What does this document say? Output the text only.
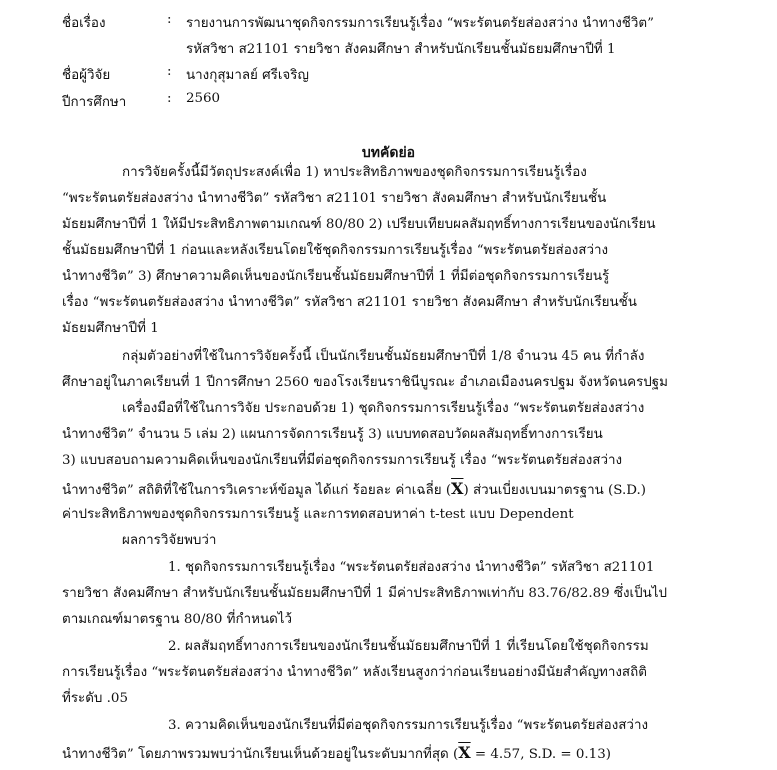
ชื่อเรื่อง	: รายงานการพัฒนาชุดกิจกรรมการเรียนรู้เรื่อง “พระรัตนตรัยส่องสว่าง นำทางชีวิต”
รหัสวิชา ส21101 รายวิชา สังคมศึกษา สำหรับนักเรียนชั้นมัธยมศึกษาปีที่ 1
ชื่อผู้วิจัย	: นางกุสุมาลย์ ศรีเจริญ
ปีการศึกษา	: 2560
บทคัดย่อ
การวิจัยครั้งนี้มีวัตถุประสงค์เพื่อ 1) หาประสิทธิภาพของชุดกิจกรรมการเรียนรู้เรื่อง
“พระรัตนตรัยส่องสว่าง นำทางชีวิต” รหัสวิชา ส21101 รายวิชา สังคมศึกษา สำหรับนักเรียนชั้น
มัธยมศึกษาปีที่ 1 ให้มีประสิทธิภาพตามเกณฑ์ 80/80 2) เปรียบเทียบผลสัมฤทธิ์ทางการเรียนของนักเรียน
ชั้นมัธยมศึกษาปีที่ 1 ก่อนและหลังเรียนโดยใช้ชุดกิจกรรมการเรียนรู้เรื่อง “พระรัตนตรัยส่องสว่าง
นำทางชีวิต” 3) ศึกษาความคิดเห็นของนักเรียนชั้นมัธยมศึกษาปีที่ 1 ที่มีต่อชุดกิจกรรมการเรียนรู้
เรื่อง “พระรัตนตรัยส่องสว่าง นำทางชีวิต” รหัสวิชา ส21101 รายวิชา สังคมศึกษา สำหรับนักเรียนชั้น
มัธยมศึกษาปีที่ 1
กลุ่มตัวอย่างที่ใช้ในการวิจัยครั้งนี้ เป็นนักเรียนชั้นมัธยมศึกษาปีที่ 1/8 จำนวน 45 คน ที่กำลัง
ศึกษาอยู่ในภาคเรียนที่ 1 ปีการศึกษา 2560 ของโรงเรียนราชินีบูรณะ อำเภอเมืองนครปฐม จังหวัดนครปฐม
เครื่องมือที่ใช้ในการวิจัย ประกอบด้วย 1) ชุดกิจกรรมการเรียนรู้เรื่อง “พระรัตนตรัยส่องสว่าง
นำทางชีวิต” จำนวน 5 เล่ม 2) แผนการจัดการเรียนรู้ 3) แบบทดสอบวัดผลสัมฤทธิ์ทางการเรียน
3) แบบสอบถามความคิดเห็นของนักเรียนที่มีต่อชุดกิจกรรมการเรียนรู้ เรื่อง “พระรัตนตรัยส่องสว่าง
นำทางชีวิต” สถิติที่ใช้ในการวิเคราะห์ข้อมูล ได้แก่ ร้อยละ ค่าเฉลี่ย $(\overline{X})$ ส่วนเบี่ยงเบนมาตรฐาน (S.D.)
ค่าประสิทธิภาพของชุดกิจกรรมการเรียนรู้ และการทดสอบหาค่า t-test แบบ Dependent
ผลการวิจัยพบว่า
1. ชุดกิจกรรมการเรียนรู้เรื่อง “พระรัตนตรัยส่องสว่าง นำทางชีวิต” รหัสวิชา ส21101
รายวิชา สังคมศึกษา สำหรับนักเรียนชั้นมัธยมศึกษาปีที่ 1 มีค่าประสิทธิภาพเท่ากับ 83.76/82.89 ซึ่งเป็นไป
ตามเกณฑ์มาตรฐาน 80/80 ที่กำหนดไว้
2. ผลสัมฤทธิ์ทางการเรียนของนักเรียนชั้นมัธยมศึกษาปีที่ 1 ที่เรียนโดยใช้ชุดกิจกรรม
การเรียนรู้เรื่อง “พระรัตนตรัยส่องสว่าง นำทางชีวิต” หลังเรียนสูงกว่าก่อนเรียนอย่างมีนัยสำคัญทางสถิติ
ที่ระดับ .05
3. ความคิดเห็นของนักเรียนที่มีต่อชุดกิจกรรมการเรียนรู้เรื่อง “พระรัตนตรัยส่องสว่าง
นำทางชีวิต” โดยภาพรวมพบว่านักเรียนเห็นด้วยอยู่ในระดับมากที่สุด ($\overline{X} = 4.57$, S.D. = 0.13)
